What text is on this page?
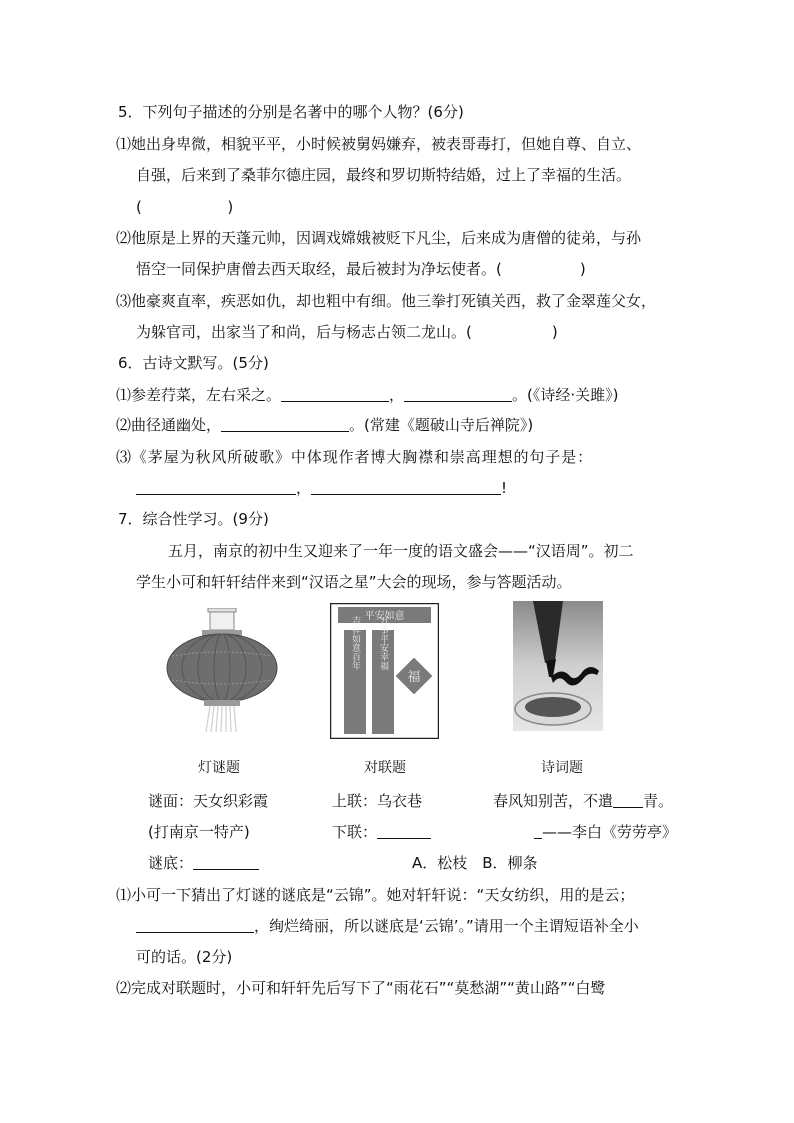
5．下列句子描述的分别是名著中的哪个人物？(6分)
⑴她出身卑微，相貌平平，小时候被舅妈嫌弃，被表哥毒打，但她自尊、自立、
自强，后来到了桑菲尔德庄园，最终和罗切斯特结婚，过上了幸福的生活。
(	)
⑵他原是上界的天蓬元帅，因调戏嫦娥被贬下凡尘，后来成为唐僧的徒弟，与孙
悟空一同保护唐僧去西天取经，最后被封为净坛使者。(	)
⑶他豪爽直率，疾恶如仇，却也粗中有细。他三拳打死镇关西，救了金翠莲父女，
为躲官司，出家当了和尚，后与杨志占领二龙山。(	)
6．古诗文默写。(5分)
⑴参差荇菜，左右采之。	，	。(《诗经·关雎》)
⑵曲径通幽处，	。(常建《题破山寺后禅院》)
⑶《茅屋为秋风所破歌》中体现作者博大胸襟和崇高理想的句子是：
，	!
7．综合性学习。(9分)
五月，南京的初中生又迎来了一年一度的语文盛会——“汉语周”。初二
学生小可和轩轩结伴来到“汉语之星”大会的现场，参与答题活动。
平安如意
吉祥如意百年 万事平安幸福
福
灯谜题	对联题	诗词题
谜面：天女织彩霞
(打南京一特产)
谜底：
上联：乌衣巷
下联：
A．松枝　B．柳条
春风知别苦，不遣 青。
——李白《劳劳亭》
⑴小可一下猜出了灯谜的谜底是“云锦”。她对轩轩说：“天女纺织，用的是云；
，绚烂绮丽，所以谜底是‘云锦’。”请用一个主谓短语补全小
可的话。(2分)
⑵完成对联题时，小可和轩轩先后写下了“雨花石”“莫愁湖”“黄山路”“白鹭
